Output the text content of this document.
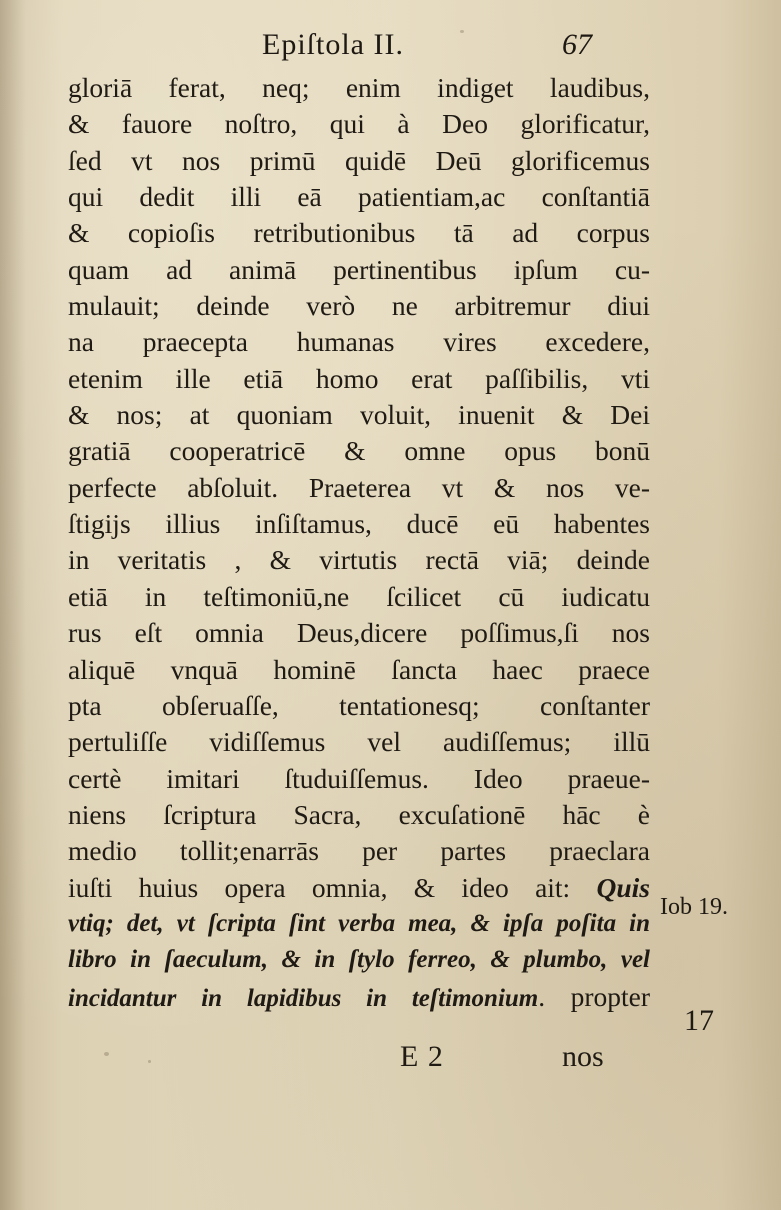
Epiſtola II.	67
gloriā ferat, neq; enim indiget laudibus,
& fauore noſtro, qui à Deo glorificatur,
ſed vt nos primū quidē Deū glorificemus
qui dedit illi eā patientiam,ac conſtantiā
& copioſis retributionibus tā ad corpus
quam ad animā pertinentibus ipſum cu-
mulauit; deinde verò ne arbitremur diui
na praecepta humanas vires excedere,
etenim ille etiā homo erat paſſibilis, vti
& nos; at quoniam voluit, inuenit & Dei
gratiā cooperatricē & omne opus bonū
perfecte abſoluit. Praeterea vt & nos ve-
ſtigijs illius inſiſtamus, ducē eū habentes
in veritatis , & virtutis rectā viā; deinde
etiā in teſtimoniū,ne ſcilicet cū iudicatu
rus eſt omnia Deus,dicere poſſimus,ſi nos
aliquē vnquā hominē ſancta haec praece
pta obſeruaſſe, tentationesq; conſtanter
pertuliſſe vidiſſemus vel audiſſemus; illū
certè imitari ſtuduiſſemus. Ideo praeue-
niens ſcriptura Sacra, excuſationē hāc è
medio tollit;enarrās per partes praeclara
iuſti huius opera omnia, & ideo ait: Quis
vtiq; det, vt ſcripta ſint verba mea, & ipſa poſita in
libro in ſaeculum, & in ſtylo ferreo, & plumbo, vel
incidantur in lapidibus in teſtimonium. propter
Iob 19.
17
E 2	nos
